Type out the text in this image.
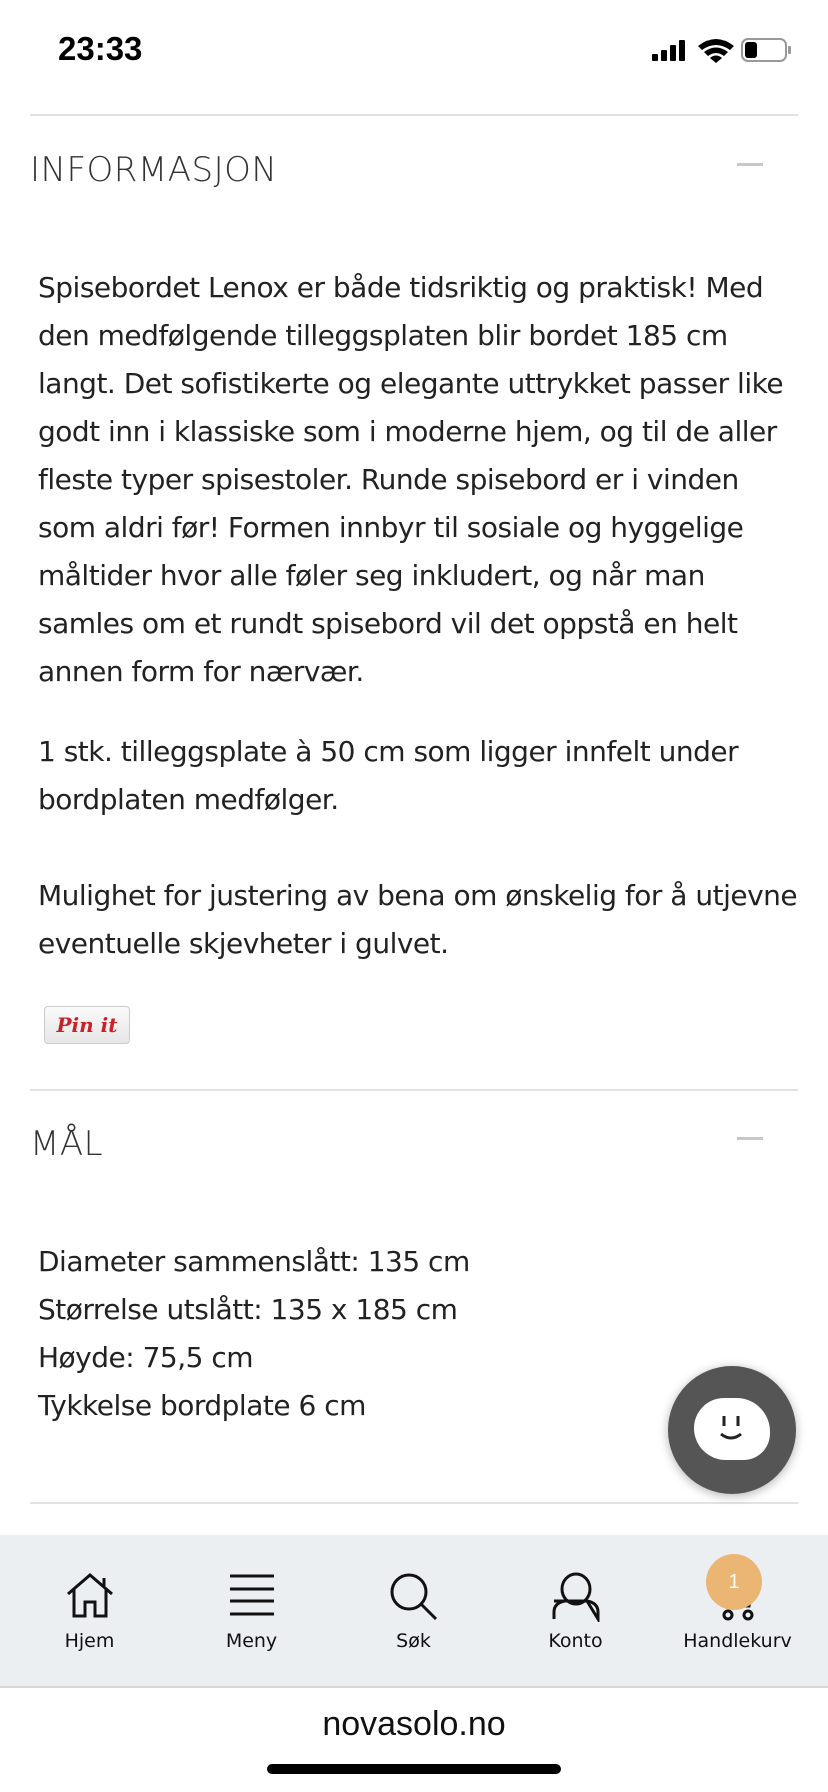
23:33
INFORMASJON

Spisebordet Lenox er både tidsriktig og praktisk! Med den medfølgende tilleggsplaten blir bordet 185 cm langt. Det sofistikerte og elegante uttrykket passer like godt inn i klassiske som i moderne hjem, og til de aller fleste typer spisestoler. Runde spisebord er i vinden som aldri før! Formen innbyr til sosiale og hyggelige måltider hvor alle føler seg inkludert, og når man samles om et rundt spisebord vil det oppstå en helt annen form for nærvær.

1 stk. tilleggsplate à 50 cm som ligger innfelt under bordplaten medfølger.

Mulighet for justering av bena om ønskelig for å utjevne eventuelle skjevheter i gulvet.

Pin it
MÅL

Diameter sammenslått: 135 cm

Størrelse utslått: 135 x 185 cm

Høyde: 75,5 cm

Tykkelse bordplate 6 cm

Hjem	Meny	Søk	Konto	Handlekurv
1
novasolo.no
